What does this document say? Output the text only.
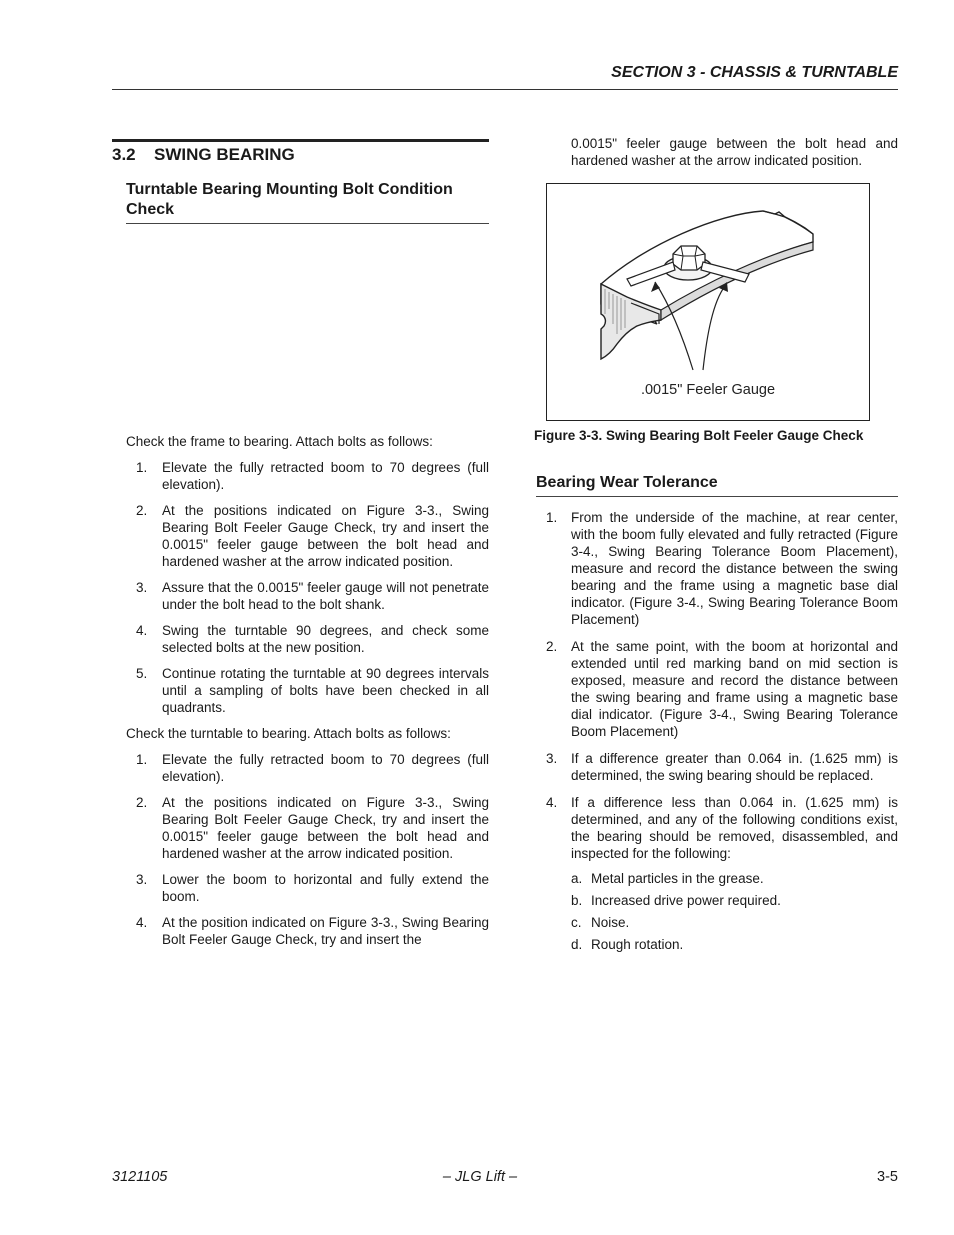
SECTION 3 - CHASSIS & TURNTABLE
3.2 SWING BEARING
Turntable Bearing Mounting Bolt Condition Check

Check the frame to bearing. Attach bolts as follows:

1.	Elevate the fully retracted boom to 70 degrees (full elevation).
2.	At the positions indicated on Figure 3-3., Swing Bearing Bolt Feeler Gauge Check, try and insert the 0.0015" feeler gauge between the bolt head and hardened washer at the arrow indicated position.
3.	Assure that the 0.0015" feeler gauge will not penetrate under the bolt head to the bolt shank.
4.	Swing the turntable 90 degrees, and check some selected bolts at the new position.
5.	Continue rotating the turntable at 90 degrees intervals until a sampling of bolts have been checked in all quadrants.

Check the turntable to bearing. Attach bolts as follows:

1.	Elevate the fully retracted boom to 70 degrees (full elevation).
2.	At the positions indicated on Figure 3-3., Swing Bearing Bolt Feeler Gauge Check, try and insert the 0.0015" feeler gauge between the bolt head and hardened washer at the arrow indicated position.
3.	Lower the boom to horizontal and fully extend the boom.
4.	At the position indicated on Figure 3-3., Swing Bearing Bolt Feeler Gauge Check, try and insert the

0.0015" feeler gauge between the bolt head and hardened washer at the arrow indicated position.

.0015" Feeler Gauge
Figure 3-3. Swing Bearing Bolt Feeler Gauge Check
Bearing Wear Tolerance
1.	From the underside of the machine, at rear center, with the boom fully elevated and fully retracted (Figure 3-4., Swing Bearing Tolerance Boom Placement), measure and record the distance between the swing bearing and the frame using a magnetic base dial indicator. (Figure 3-4., Swing Bearing Tolerance Boom Placement)
2.	At the same point, with the boom at horizontal and extended until red marking band on mid section is exposed, measure and record the distance between the swing bearing and frame using a magnetic base dial indicator. (Figure 3-4., Swing Bearing Tolerance Boom Placement)
3.	If a difference greater than 0.064 in. (1.625 mm) is determined, the swing bearing should be replaced.
4.	If a difference less than 0.064 in. (1.625 mm) is determined, and any of the following conditions exist, the bearing should be removed, disassembled, and inspected for the following:
a. Metal particles in the grease.
b. Increased drive power required.
c. Noise.
d. Rough rotation.
3121105	– JLG Lift –	3-5
